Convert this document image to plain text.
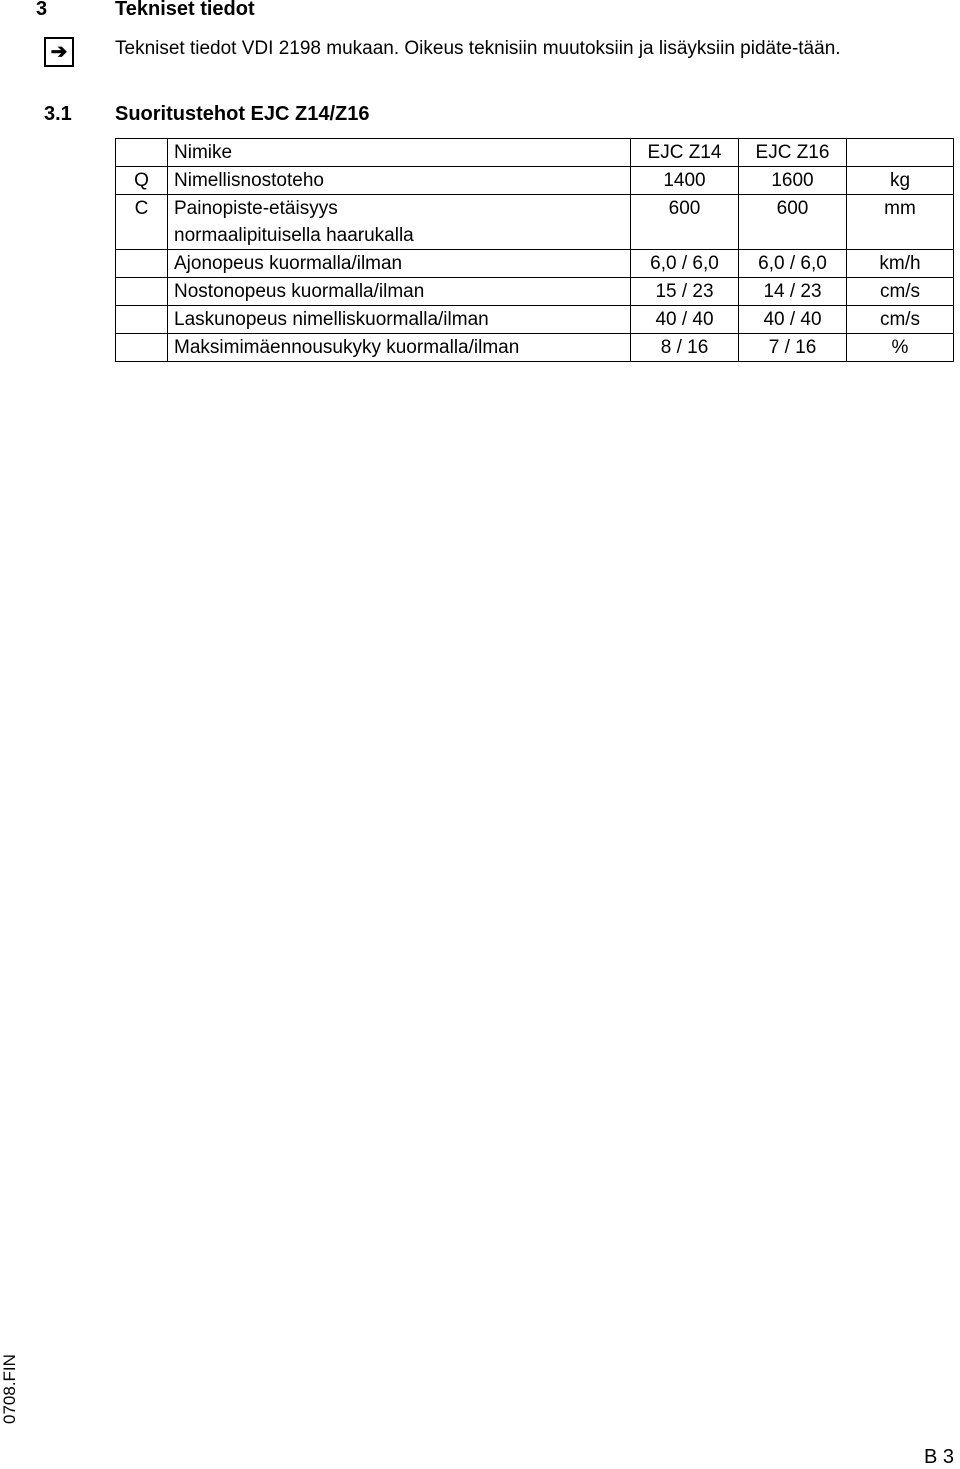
3	Tekniset tiedot
➔	Tekniset tiedot VDI 2198 mukaan. Oikeus teknisiin muutoksiin ja lisäyksiin pidäte-tään.
3.1 Suoritustehot EJC Z14/Z16
	Nimike	EJC Z14	EJC Z16	
Q	Nimellisnostoteho	1400	1600	kg
C	Painopiste-etäisyys
normaalipituisella haarukalla	600	600	mm
	Ajonopeus kuormalla/ilman	6,0 / 6,0	6,0 / 6,0	km/h
	Nostonopeus kuormalla/ilman	15 / 23	14 / 23	cm/s
	Laskunopeus nimelliskuormalla/ilman	40 / 40	40 / 40	cm/s
	Maksimimäennousukyky kuormalla/ilman	8 / 16	7 / 16	%
0708.FIN
B 3
